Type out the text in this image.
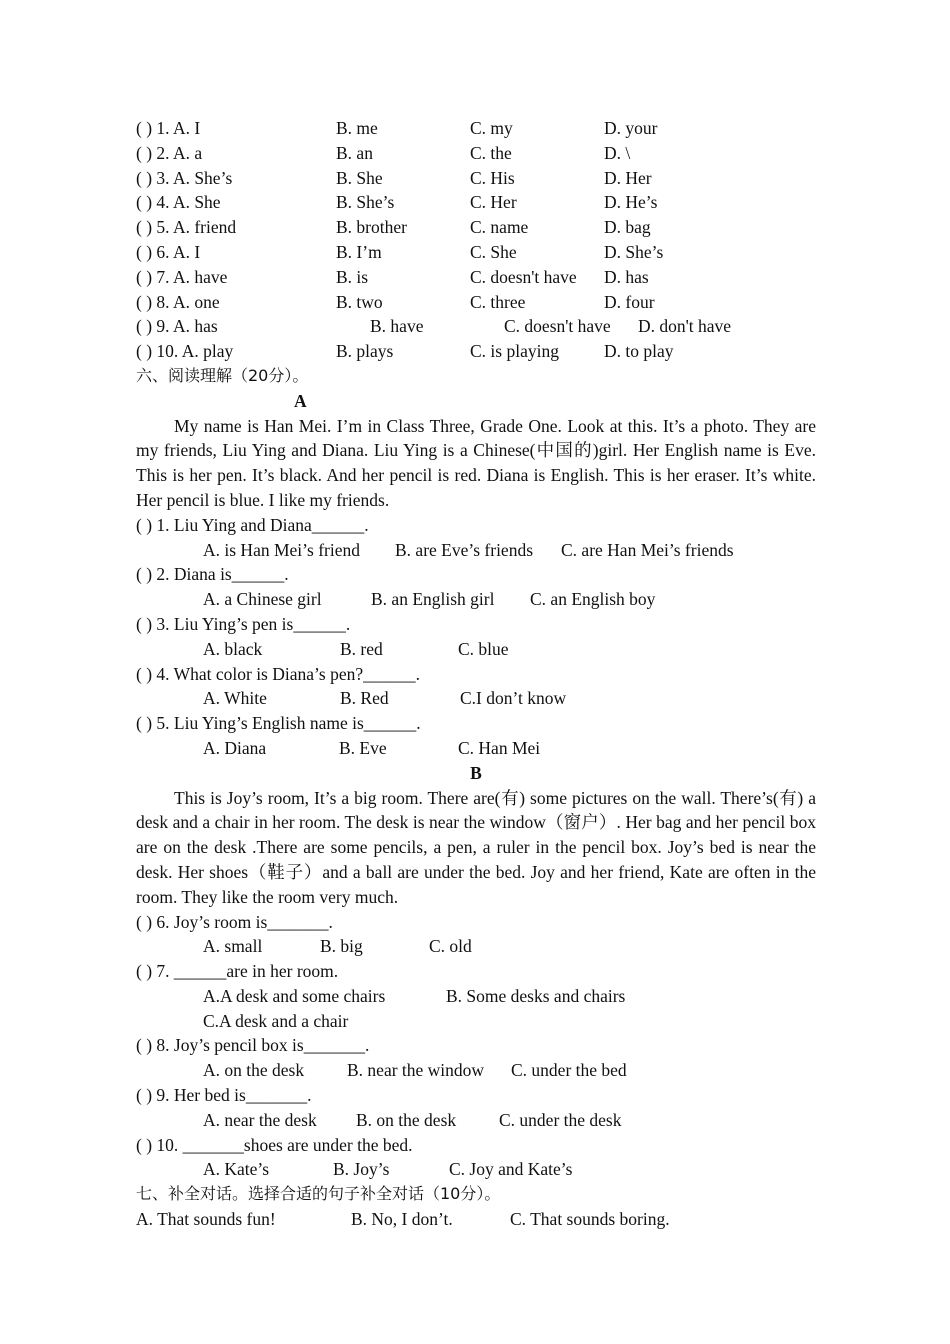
( ) 1. A. I	B. me	C. my	D. your
( ) 2. A. a	B. an	C. the	D. \
( ) 3. A. She’s	B. She	C. His	D. Her
( ) 4. A. She	B. She’s	C. Her	D. He’s
( ) 5. A. friend	B. brother	C. name	D. bag
( ) 6. A. I	B. I’m	C. She	D. She’s
( ) 7. A. have	B. is	C. doesn't have	D. has
( ) 8. A. one	B. two	C. three	D. four
( ) 9. A. has	B. have	C. doesn't have	D. don't have
( ) 10. A. play	B. plays	C. is playing	D. to play
六、阅读理解（20分）。
A
My name is Han Mei. I’m in Class Three, Grade One. Look at this. It’s a photo. They are my friends, Liu Ying and Diana. Liu Ying is a Chinese(中国的)girl. Her English name is Eve. This is her pen. It’s black. And her pencil is red. Diana is English. This is her eraser. It’s white. Her pencil is blue. I like my friends.
( ) 1. Liu Ying and Diana______.
A. is Han Mei’s friend	B. are Eve’s friends	C. are Han Mei’s friends
( ) 2. Diana is______.
A. a Chinese girl	B. an English girl	C. an English boy
( ) 3. Liu Ying’s pen is______.
A. black	B. red	C. blue
( ) 4. What color is Diana’s pen?______.
A. White	B. Red	C.I don’t know
( ) 5. Liu Ying’s English name is______.
A. Diana	B. Eve	C. Han Mei
B
This is Joy’s room, It’s a big room. There are(有) some pictures on the wall. There’s(有) a desk and a chair in her room. The desk is near the window（窗户）. Her bag and her pencil box are on the desk .There are some pencils, a pen, a ruler in the pencil box. Joy’s bed is near the desk. Her shoes（鞋子）and a ball are under the bed. Joy and her friend, Kate are often in the room. They like the room very much.
( ) 6. Joy’s room is_______.
A. small	B. big	C. old
( ) 7. ______are in her room.
A.A desk and some chairs	B. Some desks and chairs
C.A desk and a chair
( ) 8. Joy’s pencil box is_______.
A. on the desk	B. near the window	C. under the bed
( ) 9. Her bed is_______.
A. near the desk	B. on the desk	C. under the desk
( ) 10. _______shoes are under the bed.
A. Kate’s	B. Joy’s	C. Joy and Kate’s
七、补全对话。选择合适的句子补全对话（10分）。
A. That sounds fun!	B. No, I don’t.	C. That sounds boring.
